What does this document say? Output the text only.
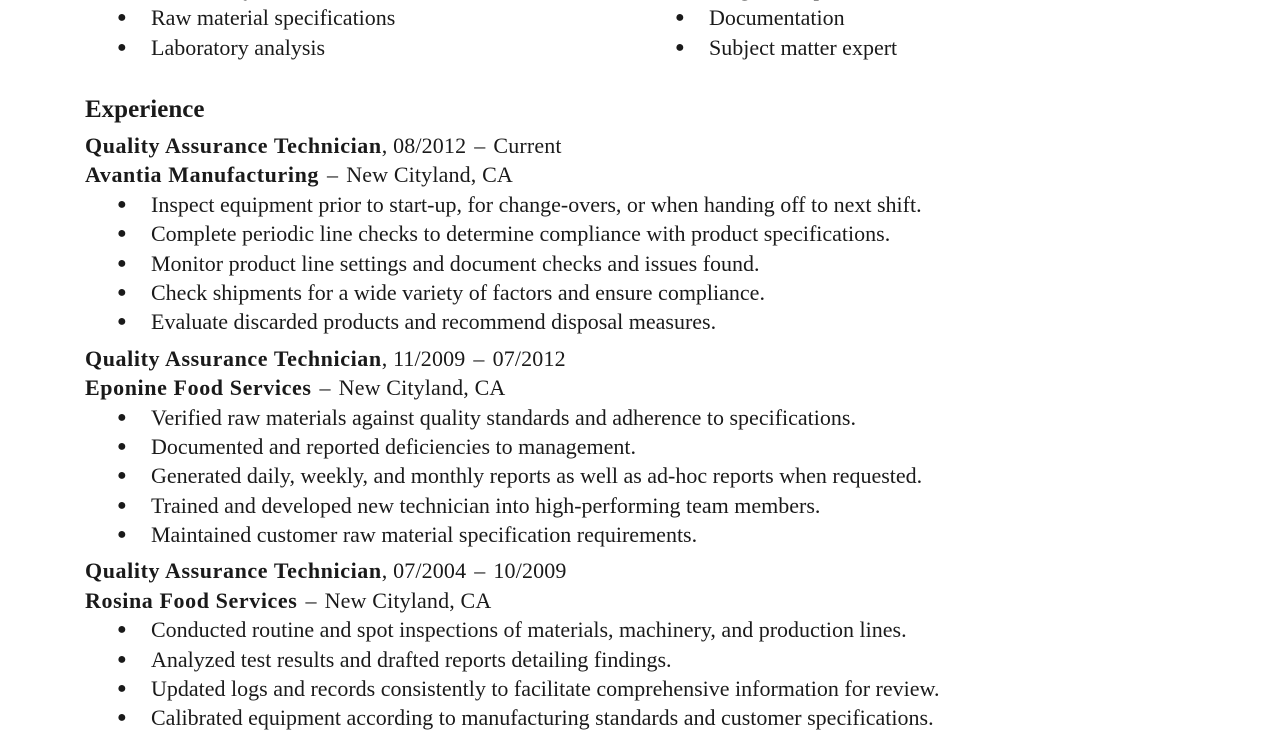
● Raw material specifications
● Laboratory analysis
● Documentation
● Subject matter expert
Experience
Quality Assurance Technician, 08/2012 – Current
Avantia Manufacturing – New Cityland, CA
● Inspect equipment prior to start-up, for change-overs, or when handing off to next shift.
● Complete periodic line checks to determine compliance with product specifications.
● Monitor product line settings and document checks and issues found.
● Check shipments for a wide variety of factors and ensure compliance.
● Evaluate discarded products and recommend disposal measures.
Quality Assurance Technician, 11/2009 – 07/2012
Eponine Food Services – New Cityland, CA
● Verified raw materials against quality standards and adherence to specifications.
● Documented and reported deficiencies to management.
● Generated daily, weekly, and monthly reports as well as ad-hoc reports when requested.
● Trained and developed new technician into high-performing team members.
● Maintained customer raw material specification requirements.
Quality Assurance Technician, 07/2004 – 10/2009
Rosina Food Services – New Cityland, CA
● Conducted routine and spot inspections of materials, machinery, and production lines.
● Analyzed test results and drafted reports detailing findings.
● Updated logs and records consistently to facilitate comprehensive information for review.
● Calibrated equipment according to manufacturing standards and customer specifications.
